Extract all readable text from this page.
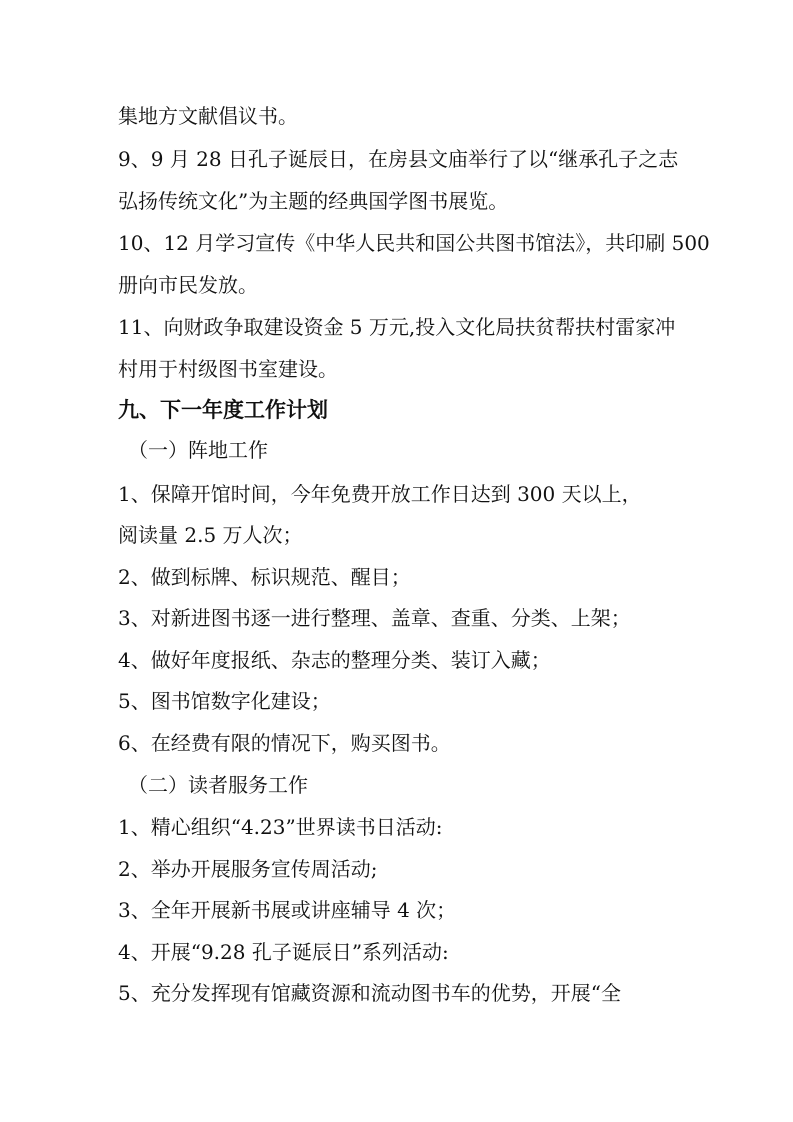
集地方文献倡议书。
9、9 月 28 日孔子诞辰日，在房县文庙举行了以“继承孔子之志
弘扬传统文化”为主题的经典国学图书展览。
10、12 月学习宣传《中华人民共和国公共图书馆法》，共印刷 500
册向市民发放。
11、向财政争取建设资金 5 万元,投入文化局扶贫帮扶村雷家冲
村用于村级图书室建设。
九、下一年度工作计划
（一）阵地工作
1、保障开馆时间，今年免费开放工作日达到 300 天以上，
阅读量 2.5 万人次；
2、做到标牌、标识规范、醒目；
3、对新进图书逐一进行整理、盖章、查重、分类、上架；
4、做好年度报纸、杂志的整理分类、装订入藏；
5、图书馆数字化建设；
6、在经费有限的情况下，购买图书。
（二）读者服务工作
1、精心组织“4.23”世界读书日活动:
2、举办开展服务宣传周活动;
3、全年开展新书展或讲座辅导 4 次；
4、开展“9.28 孔子诞辰日”系列活动:
5、充分发挥现有馆藏资源和流动图书车的优势，开展“全
